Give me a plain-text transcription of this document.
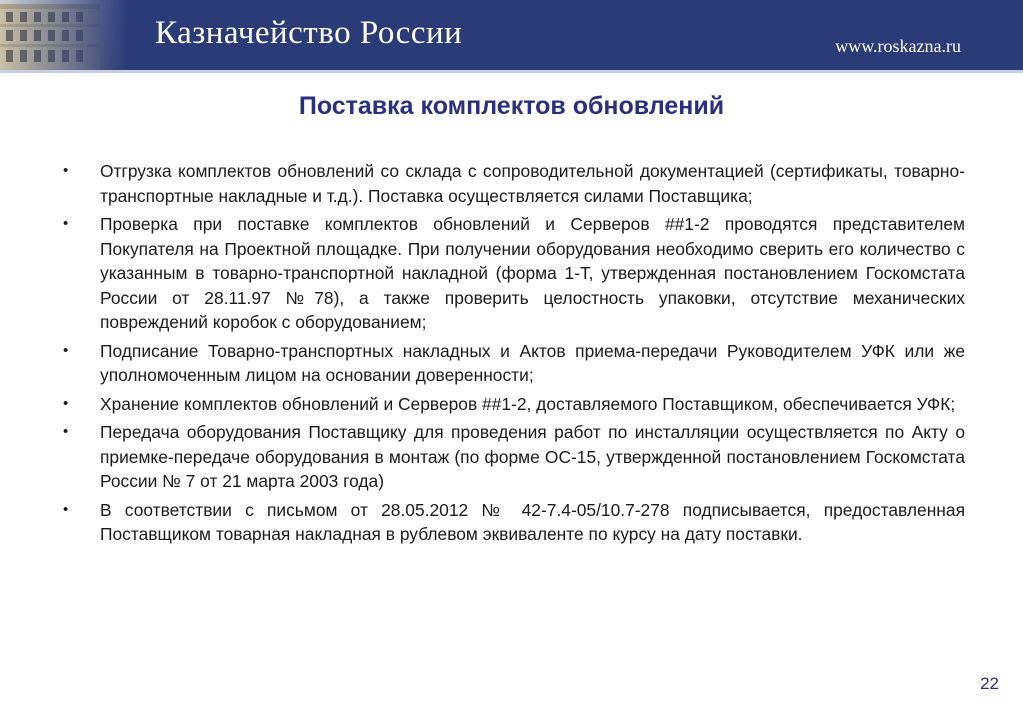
Казначейство России	www.roskazna.ru
Поставка комплектов обновлений
• Отгрузка комплектов обновлений со склада с сопроводительной документацией (сертификаты, товарно-транспортные накладные и т.д.). Поставка осуществляется силами Поставщика;
• Проверка при поставке комплектов обновлений и Серверов ##1-2 проводятся представителем Покупателя на Проектной площадке. При получении оборудования необходимо сверить его количество с указанным в товарно-транспортной накладной (форма 1-Т, утвержденная постановлением Госкомстата России от 28.11.97 №78), а также проверить целостность упаковки, отсутствие механических повреждений коробок с оборудованием;
• Подписание Товарно-транспортных накладных и Актов приема-передачи Руководителем УФК или же уполномоченным лицом на основании доверенности;
• Хранение комплектов обновлений и Серверов ##1-2, доставляемого Поставщиком, обеспечивается УФК;
• Передача оборудования Поставщику для проведения работ по инсталляции осуществляется по Акту о приемке-передаче оборудования в монтаж (по форме ОС-15, утвержденной постановлением Госкомстата России № 7 от 21 марта 2003 года)
• В соответствии с письмом от 28.05.2012 № 42-7.4-05/10.7-278 подписывается, предоставленная Поставщиком товарная накладная в рублевом эквиваленте по курсу на дату поставки.
22
